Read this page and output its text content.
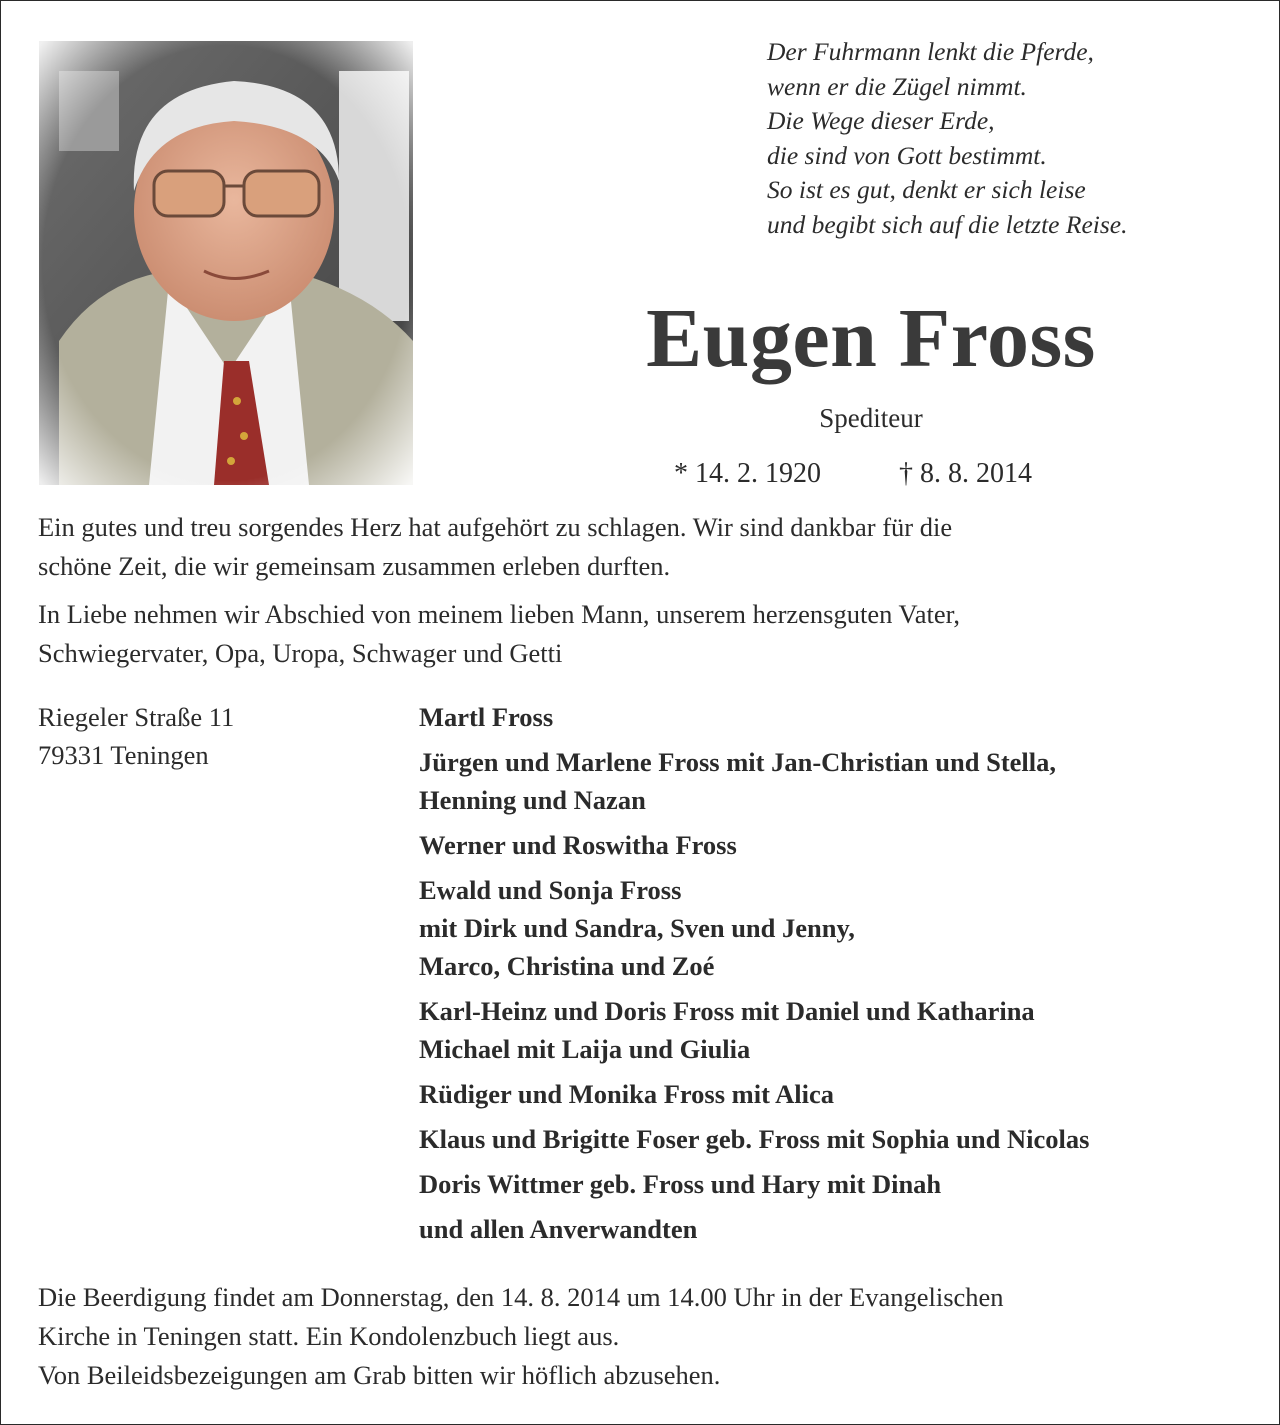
Der Fuhrmann lenkt die Pferde,
wenn er die Zügel nimmt.
Die Wege dieser Erde,
die sind von Gott bestimmt.
So ist es gut, denkt er sich leise
und begibt sich auf die letzte Reise.
Eugen Fross
Spediteur
* 14. 2. 1920	† 8. 8. 2014
Ein gutes und treu sorgendes Herz hat aufgehört zu schlagen. Wir sind dankbar für die
schöne Zeit, die wir gemeinsam zusammen erleben durften.
In Liebe nehmen wir Abschied von meinem lieben Mann, unserem herzensguten Vater,
Schwiegervater, Opa, Uropa, Schwager und Getti
Riegeler Straße 11
79331 Teningen
Martl Fross
Jürgen und Marlene Fross mit Jan-Christian und Stella,
Henning und Nazan
Werner und Roswitha Fross
Ewald und Sonja Fross
mit Dirk und Sandra, Sven und Jenny,
Marco, Christina und Zoé
Karl-Heinz und Doris Fross mit Daniel und Katharina
Michael mit Laija und Giulia
Rüdiger und Monika Fross mit Alica
Klaus und Brigitte Foser geb. Fross mit Sophia und Nicolas
Doris Wittmer geb. Fross und Hary mit Dinah
und allen Anverwandten
Die Beerdigung findet am Donnerstag, den 14. 8. 2014 um 14.00 Uhr in der Evangelischen
Kirche in Teningen statt. Ein Kondolenzbuch liegt aus.
Von Beileidsbezeigungen am Grab bitten wir höflich abzusehen.
